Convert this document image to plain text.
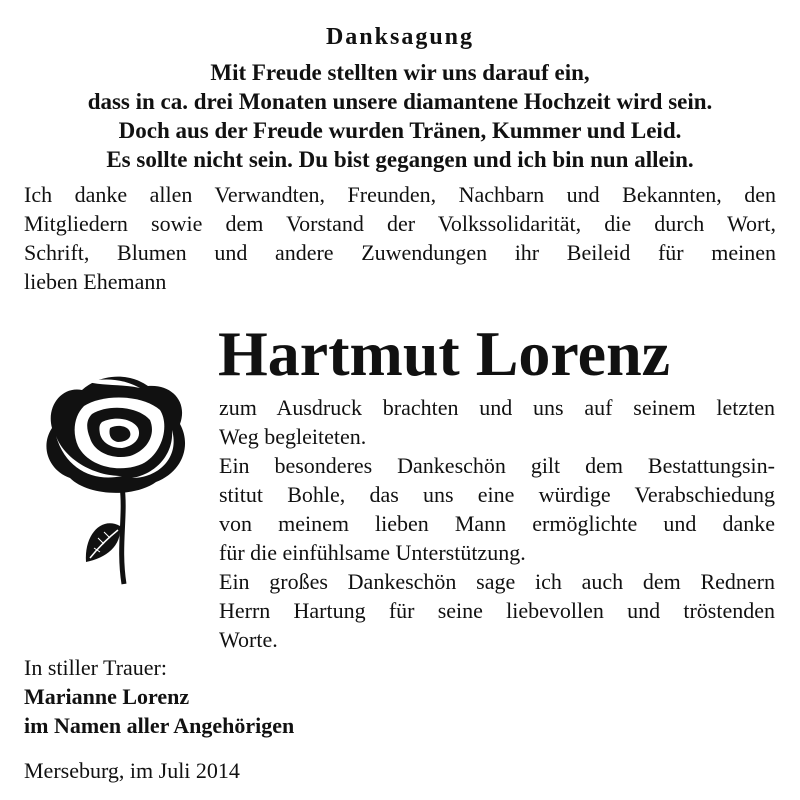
Danksagung
Mit Freude stellten wir uns darauf ein,
dass in ca. drei Monaten unsere diamantene Hochzeit wird sein.
Doch aus der Freude wurden Tränen, Kummer und Leid.
Es sollte nicht sein. Du bist gegangen und ich bin nun allein.
Ich danke allen Verwandten, Freunden, Nachbarn und Bekannten, den
Mitgliedern sowie dem Vorstand der Volkssolidarität, die durch Wort,
Schrift, Blumen und andere Zuwendungen ihr Beileid für meinen
lieben Ehemann
Hartmut Lorenz
zum Ausdruck brachten und uns auf seinem letzten
Weg begleiteten.
Ein besonderes Dankeschön gilt dem Bestattungsin-
stitut Bohle, das uns eine würdige Verabschiedung
von meinem lieben Mann ermöglichte und danke
für die einfühlsame Unterstützung.
Ein großes Dankeschön sage ich auch dem Rednern
Herrn Hartung für seine liebevollen und tröstenden
Worte.
In stiller Trauer:
Marianne Lorenz
im Namen aller Angehörigen
Merseburg, im Juli 2014
